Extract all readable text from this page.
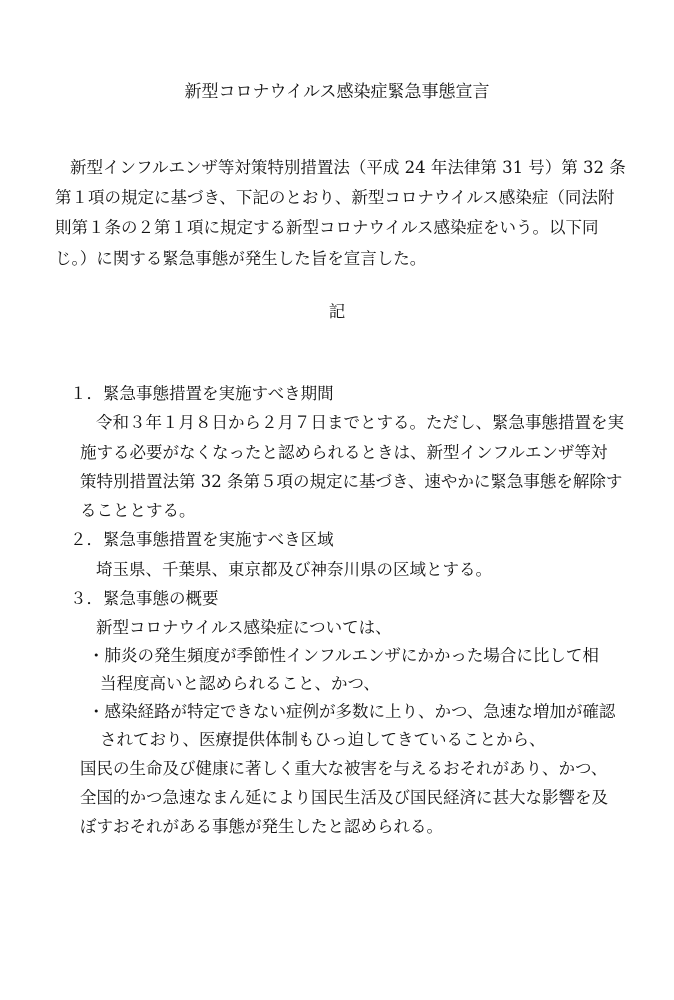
新型コロナウイルス感染症緊急事態宣言
新型インフルエンザ等対策特別措置法（平成 24 年法律第 31 号）第 32 条
第１項の規定に基づき、下記のとおり、新型コロナウイルス感染症（同法附
則第１条の２第１項に規定する新型コロナウイルス感染症をいう。以下同
じ。）に関する緊急事態が発生した旨を宣言した。
記
１．緊急事態措置を実施すべき期間
令和３年１月８日から２月７日までとする。ただし、緊急事態措置を実
施する必要がなくなったと認められるときは、新型インフルエンザ等対
策特別措置法第 32 条第５項の規定に基づき、速やかに緊急事態を解除す
ることとする。
２．緊急事態措置を実施すべき区域
埼玉県、千葉県、東京都及び神奈川県の区域とする。
３．緊急事態の概要
新型コロナウイルス感染症については、
・肺炎の発生頻度が季節性インフルエンザにかかった場合に比して相
当程度高いと認められること、かつ、
・感染経路が特定できない症例が多数に上り、かつ、急速な増加が確認
されており、医療提供体制もひっ迫してきていることから、
国民の生命及び健康に著しく重大な被害を与えるおそれがあり、かつ、
全国的かつ急速なまん延により国民生活及び国民経済に甚大な影響を及
ぼすおそれがある事態が発生したと認められる。
